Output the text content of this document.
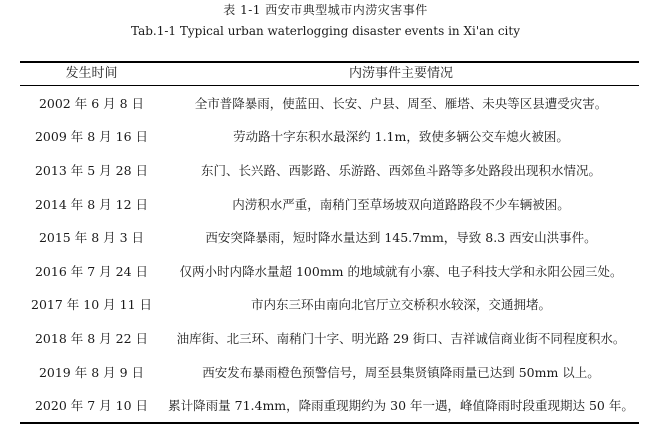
表 1-1 西安市典型城市内涝灾害事件
Tab.1-1 Typical urban waterlogging disaster events in Xi'an city
发生时间	内涝事件主要情况
2002 年 6 月 8 日	全市普降暴雨，使蓝田、长安、户县、周至、雁塔、未央等区县遭受灾害。
2009 年 8 月 16 日	劳动路十字东积水最深约 1.1m，致使多辆公交车熄火被困。
2013 年 5 月 28 日	东门、长兴路、西影路、乐游路、西郊鱼斗路等多处路段出现积水情况。
2014 年 8 月 12 日	内涝积水严重，南稍门至草场坡双向道路路段不少车辆被困。
2015 年 8 月 3 日	西安突降暴雨，短时降水量达到 145.7mm，导致 8.3 西安山洪事件。
2016 年 7 月 24 日	仅两小时内降水量超 100mm 的地域就有小寨、电子科技大学和永阳公园三处。
2017 年 10 月 11 日	市内东三环由南向北官厅立交桥积水较深，交通拥堵。
2018 年 8 月 22 日	油库街、北三环、南稍门十字、明光路 29 街口、吉祥诚信商业街不同程度积水。
2019 年 8 月 9 日	西安发布暴雨橙色预警信号，周至县集贤镇降雨量已达到 50mm 以上。
2020 年 7 月 10 日	累计降雨量 71.4mm，降雨重现期约为 30 年一遇，峰值降雨时段重现期达 50 年。
